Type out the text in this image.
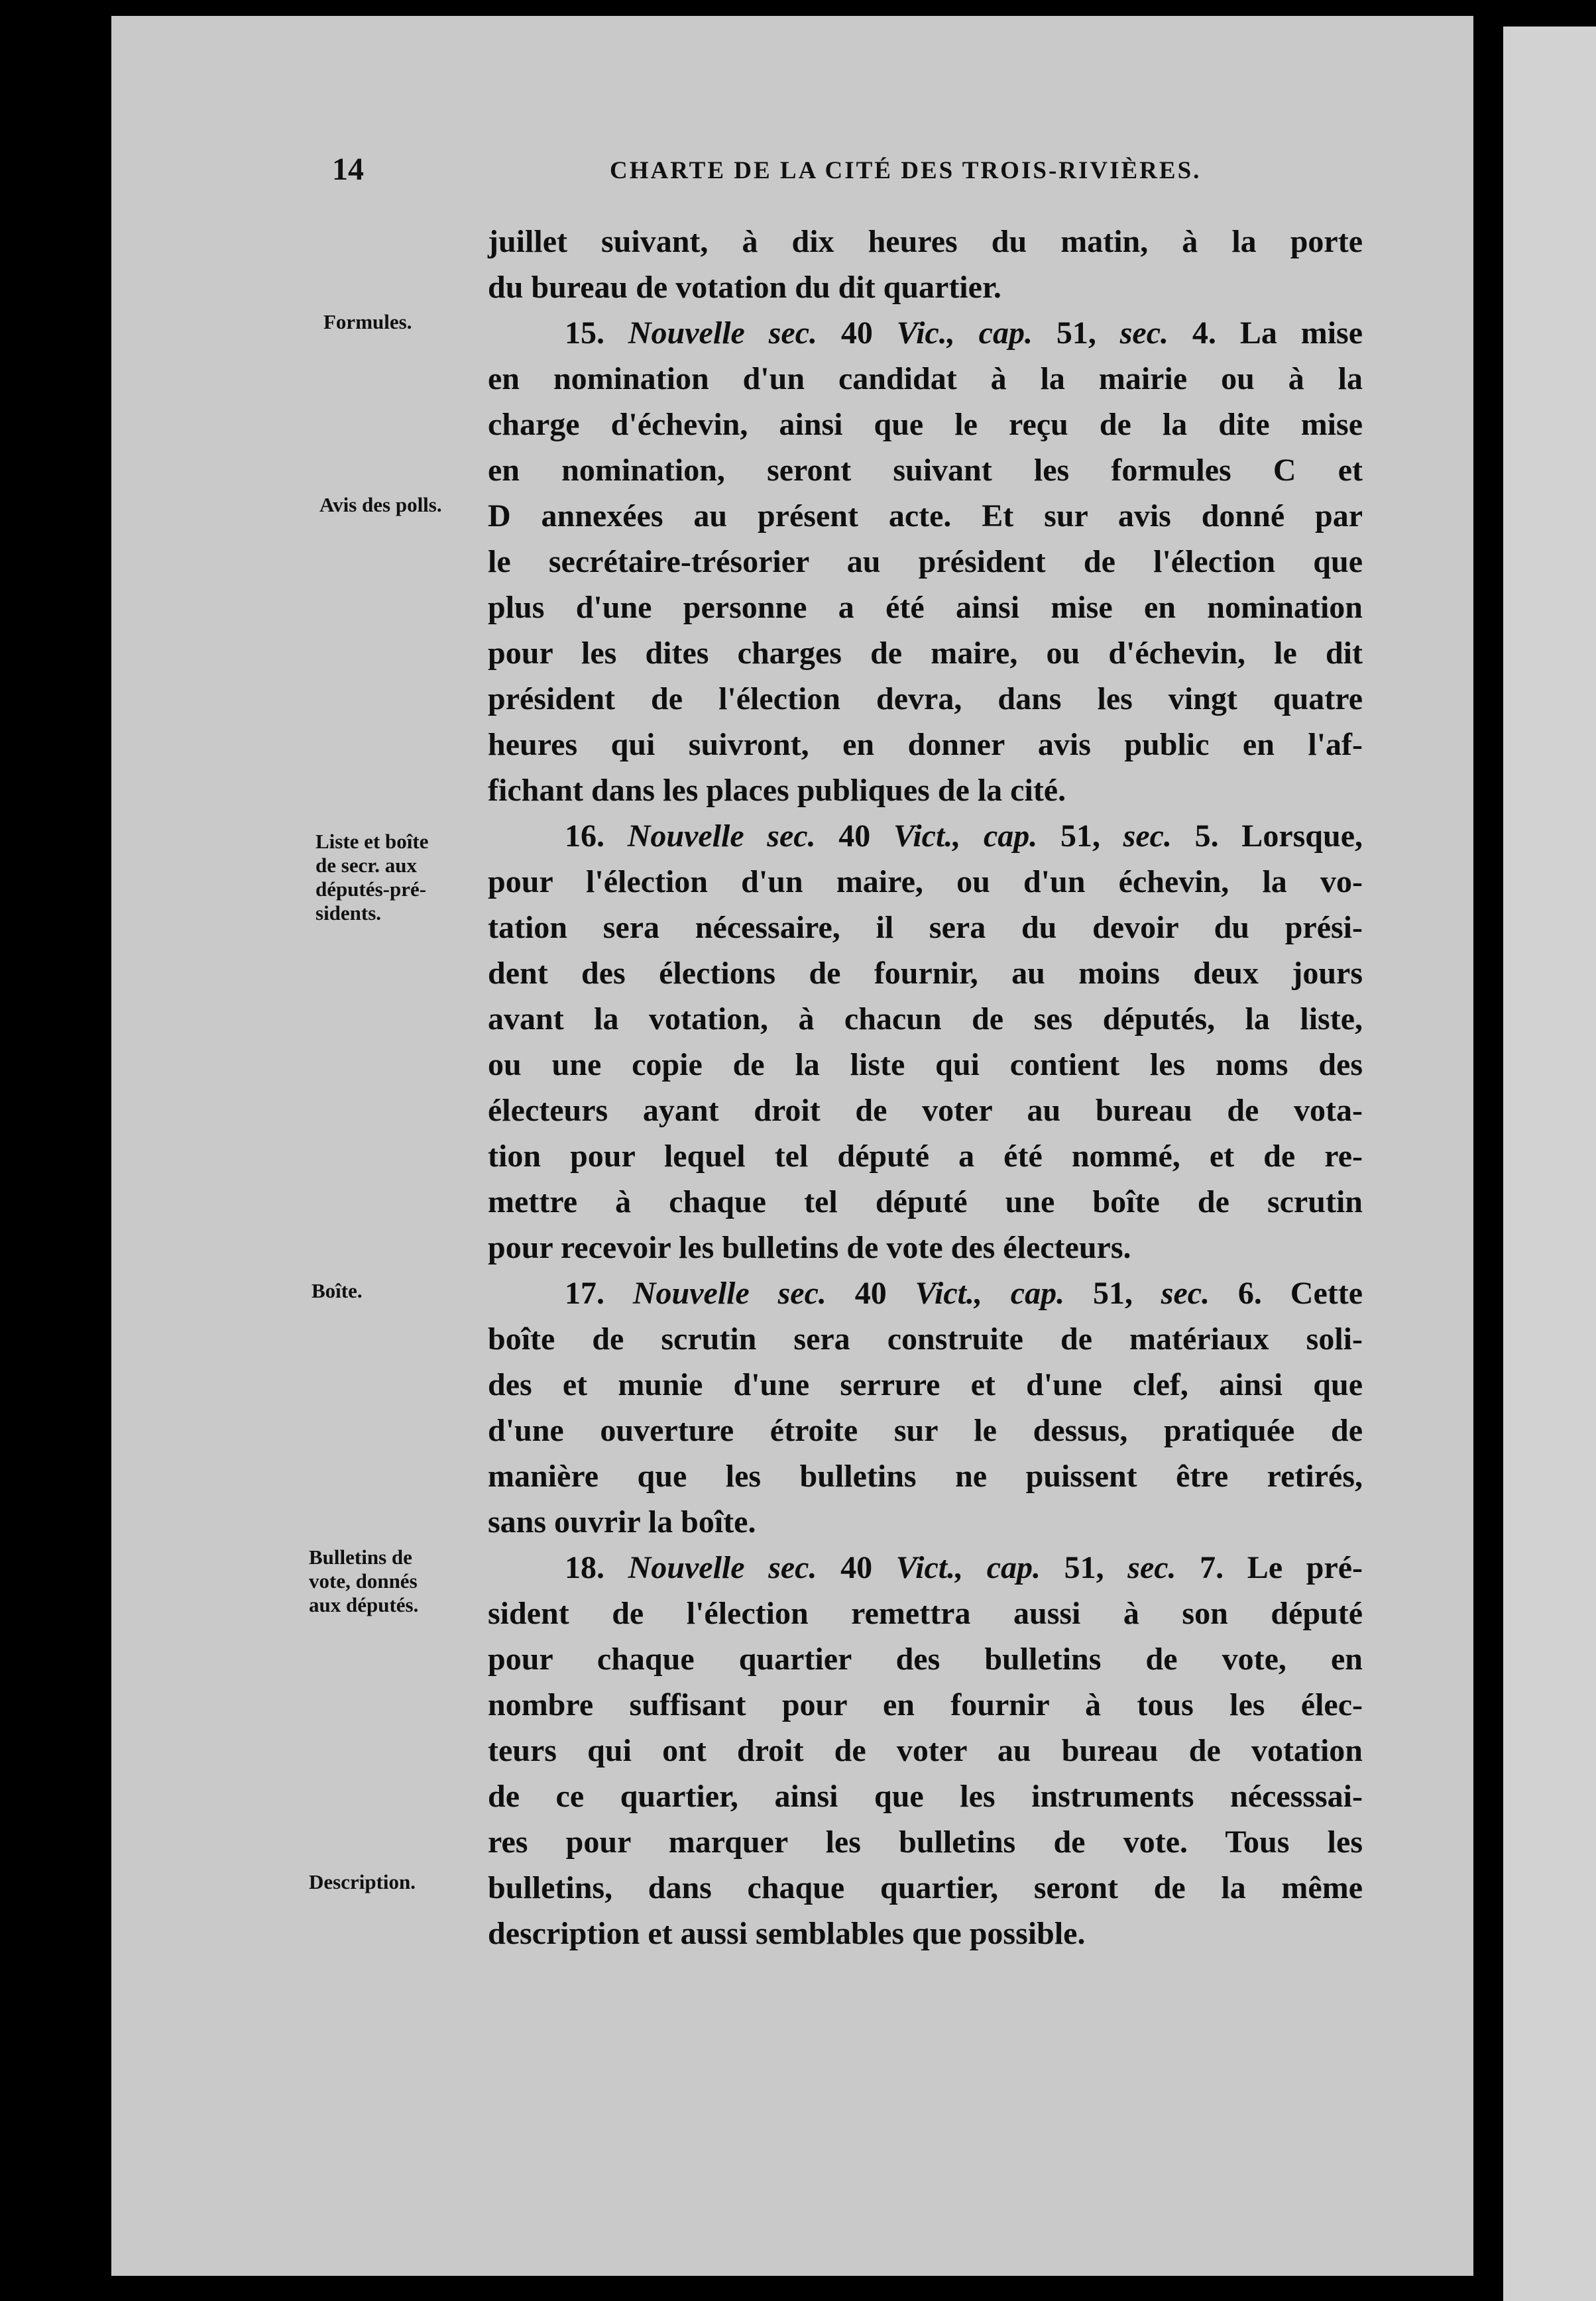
14	CHARTE DE LA CITÉ DES TROIS-RIVIÈRES.
Formules.
Avis des polls.
Liste et boîte
de secr. aux
députés-pré-
sidents.
Boîte.
Bulletins de
vote, donnés
aux députés.
Description.
juillet suivant, à dix heures du matin, à la porte
du bureau de votation du dit quartier.
15. Nouvelle sec. 40 Vic., cap. 51, sec. 4. La mise
en nomination d'un candidat à la mairie ou à la
charge d'échevin, ainsi que le reçu de la dite mise
en nomination, seront suivant les formules C et
D annexées au présent acte. Et sur avis donné par
le secrétaire-trésorier au président de l'élection que
plus d'une personne a été ainsi mise en nomination
pour les dites charges de maire, ou d'échevin, le dit
président de l'élection devra, dans les vingt quatre
heures qui suivront, en donner avis public en l'af-
fichant dans les places publiques de la cité.
16. Nouvelle sec. 40 Vict., cap. 51, sec. 5. Lorsque,
pour l'élection d'un maire, ou d'un échevin, la vo-
tation sera nécessaire, il sera du devoir du prési-
dent des élections de fournir, au moins deux jours
avant la votation, à chacun de ses députés, la liste,
ou une copie de la liste qui contient les noms des
électeurs ayant droit de voter au bureau de vota-
tion pour lequel tel député a été nommé, et de re-
mettre à chaque tel député une boîte de scrutin
pour recevoir les bulletins de vote des électeurs.
17. Nouvelle sec. 40 Vict., cap. 51, sec. 6. Cette
boîte de scrutin sera construite de matériaux soli-
des et munie d'une serrure et d'une clef, ainsi que
d'une ouverture étroite sur le dessus, pratiquée de
manière que les bulletins ne puissent être retirés,
sans ouvrir la boîte.
18. Nouvelle sec. 40 Vict., cap. 51, sec. 7. Le pré-
sident de l'élection remettra aussi à son député
pour chaque quartier des bulletins de vote, en
nombre suffisant pour en fournir à tous les élec-
teurs qui ont droit de voter au bureau de votation
de ce quartier, ainsi que les instruments nécesssai-
res pour marquer les bulletins de vote. Tous les
bulletins, dans chaque quartier, seront de la même
description et aussi semblables que possible.
